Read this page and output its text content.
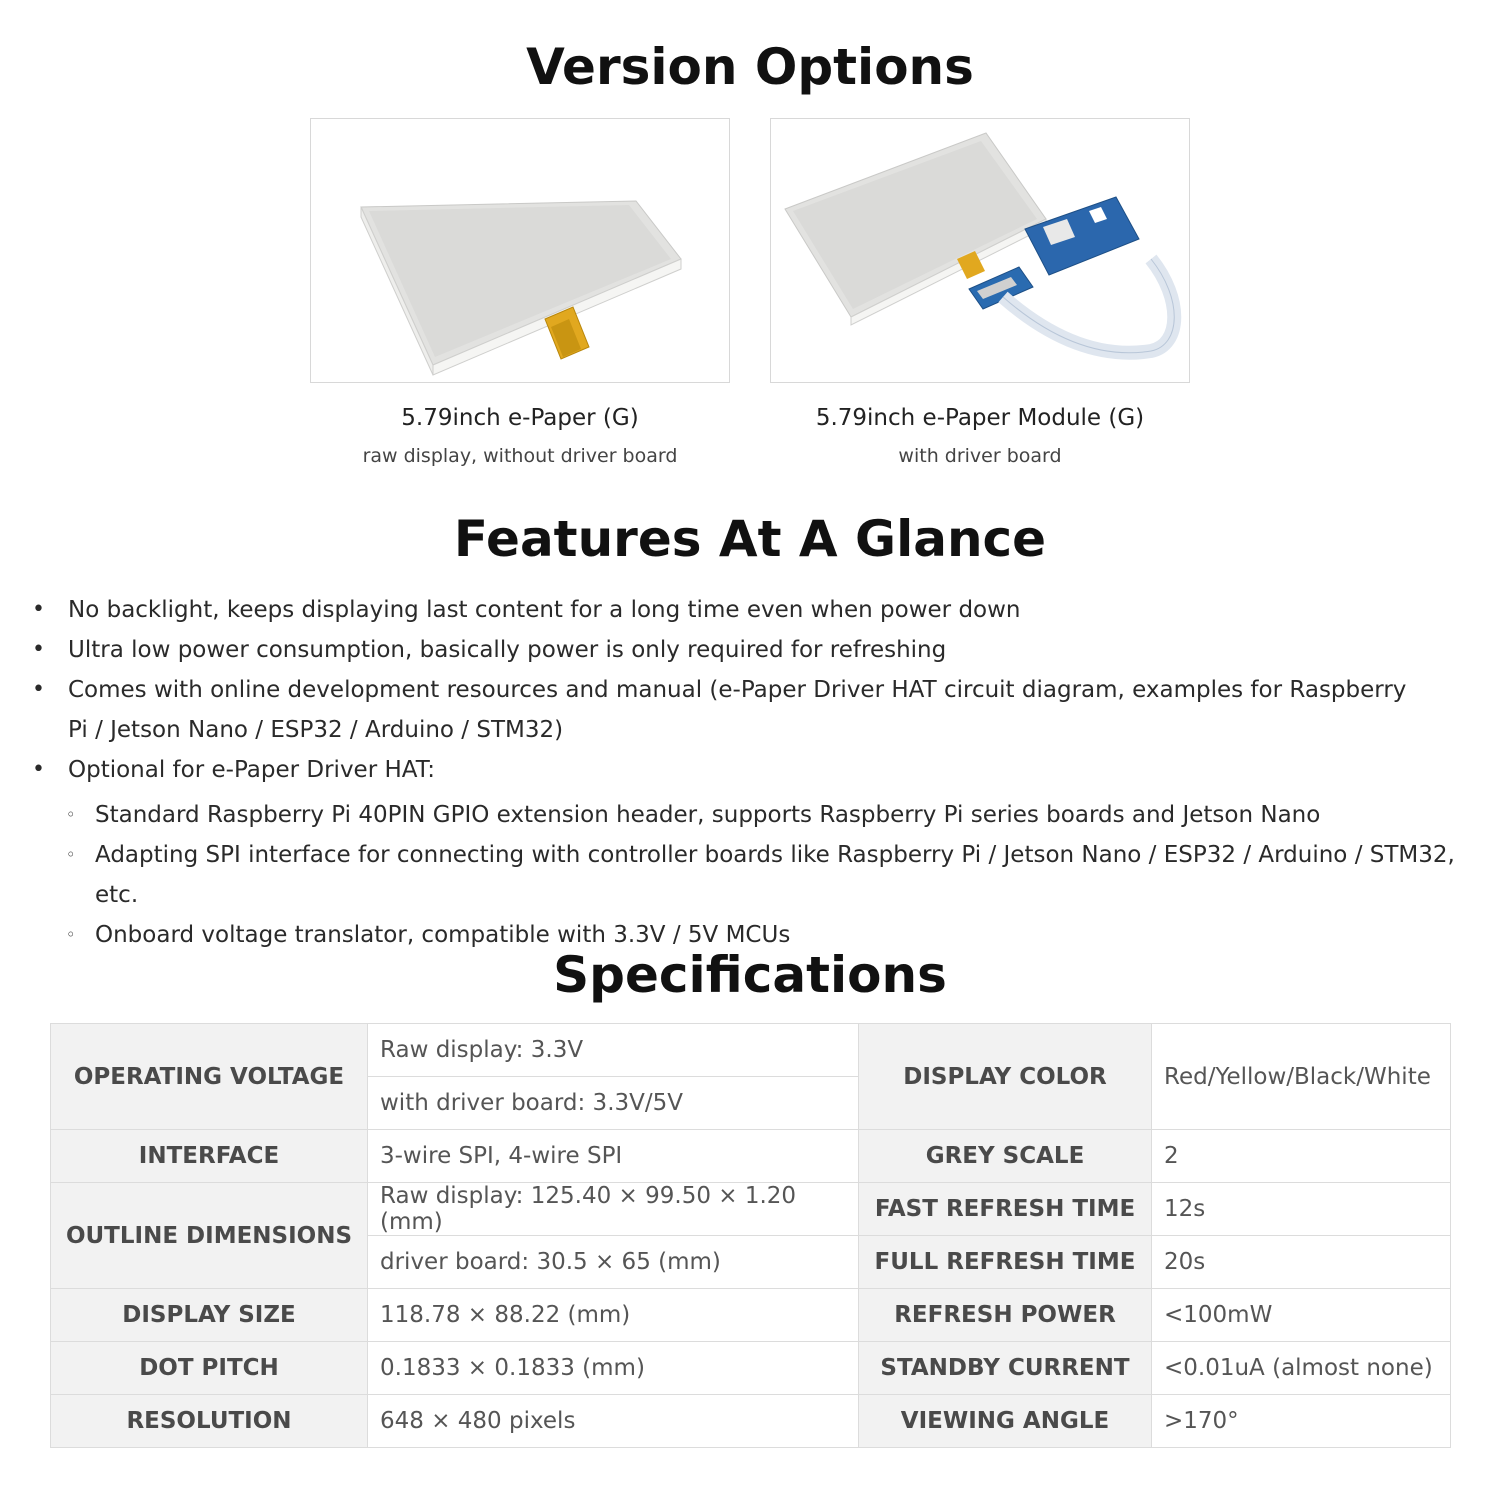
Version Options
5.79inch e-Paper (G)
raw display, without driver board
5.79inch e-Paper Module (G)
with driver board
Features At A Glance
• No backlight, keeps displaying last content for a long time even when power down
• Ultra low power consumption, basically power is only required for refreshing
• Comes with online development resources and manual (e-Paper Driver HAT circuit diagram, examples for Raspberry Pi / Jetson Nano / ESP32 / Arduino / STM32)
• Optional for e-Paper Driver HAT:
◦ Standard Raspberry Pi 40PIN GPIO extension header, supports Raspberry Pi series boards and Jetson Nano
◦ Adapting SPI interface for connecting with controller boards like Raspberry Pi / Jetson Nano / ESP32 / Arduino / STM32, etc.
◦ Onboard voltage translator, compatible with 3.3V / 5V MCUs
Specifications
OPERATING VOLTAGE	Raw display: 3.3V	DISPLAY COLOR	Red/Yellow/Black/White
	with driver board: 3.3V/5V		
INTERFACE	3-wire SPI, 4-wire SPI	GREY SCALE	2
OUTLINE DIMENSIONS	Raw display: 125.40 × 99.50 × 1.20 (mm)	FAST REFRESH TIME	12s
	driver board: 30.5 × 65 (mm)	FULL REFRESH TIME	20s
DISPLAY SIZE	118.78 × 88.22 (mm)	REFRESH POWER	<100mW
DOT PITCH	0.1833 × 0.1833 (mm)	STANDBY CURRENT	<0.01uA (almost none)
RESOLUTION	648 × 480 pixels	VIEWING ANGLE	>170°
